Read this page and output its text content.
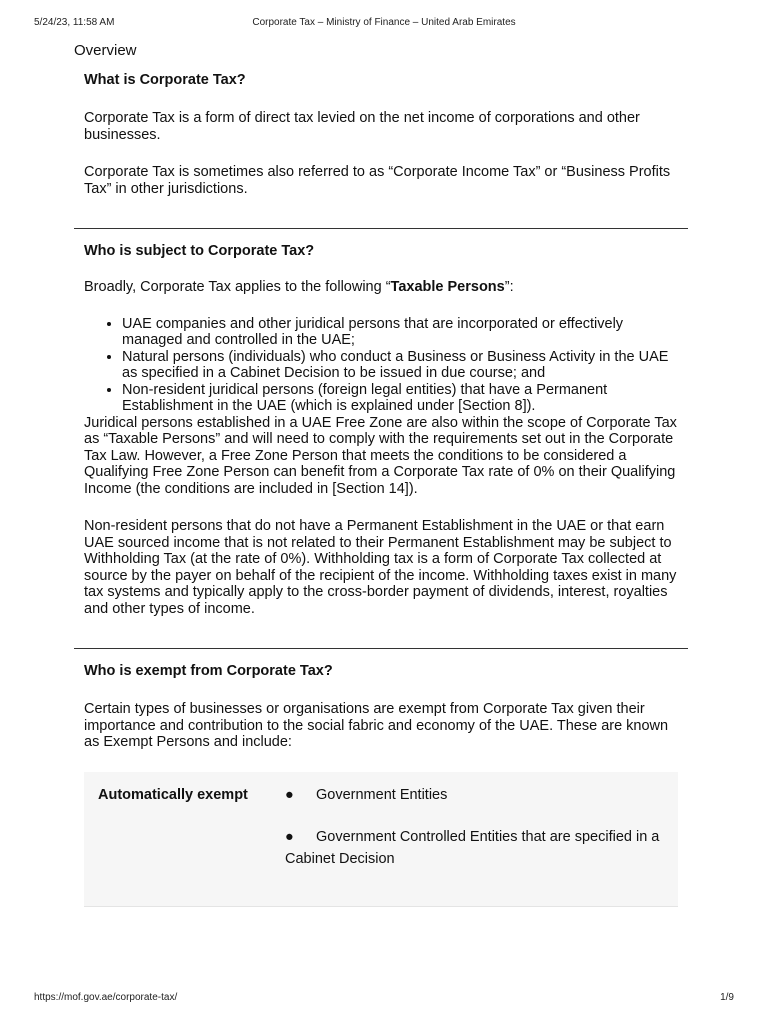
5/24/23, 11:58 AM	Corporate Tax – Ministry of Finance – United Arab Emirates
Overview
What is Corporate Tax?

Corporate Tax is a form of direct tax levied on the net income of corporations and other businesses.

Corporate Tax is sometimes also referred to as “Corporate Income Tax” or “Business Profits Tax” in other jurisdictions.

Who is subject to Corporate Tax?

Broadly, Corporate Tax applies to the following “Taxable Persons”:

• UAE companies and other juridical persons that are incorporated or effectively managed and controlled in the UAE;
• Natural persons (individuals) who conduct a Business or Business Activity in the UAE as specified in a Cabinet Decision to be issued in due course; and
• Non-resident juridical persons (foreign legal entities) that have a Permanent Establishment in the UAE (which is explained under [Section 8]).

Juridical persons established in a UAE Free Zone are also within the scope of Corporate Tax as “Taxable Persons” and will need to comply with the requirements set out in the Corporate Tax Law. However, a Free Zone Person that meets the conditions to be considered a Qualifying Free Zone Person can benefit from a Corporate Tax rate of 0% on their Qualifying Income (the conditions are included in [Section 14]).

Non-resident persons that do not have a Permanent Establishment in the UAE or that earn UAE sourced income that is not related to their Permanent Establishment may be subject to Withholding Tax (at the rate of 0%). Withholding tax is a form of Corporate Tax collected at source by the payer on behalf of the recipient of the income. Withholding taxes exist in many tax systems and typically apply to the cross-border payment of dividends, interest, royalties and other types of income.

Who is exempt from Corporate Tax?

Certain types of businesses or organisations are exempt from Corporate Tax given their importance and contribution to the social fabric and economy of the UAE. These are known as Exempt Persons and include:

Automatically exempt	● Government Entities
● Government Controlled Entities that are specified in a Cabinet Decision
https://mof.gov.ae/corporate-tax/	1/9
